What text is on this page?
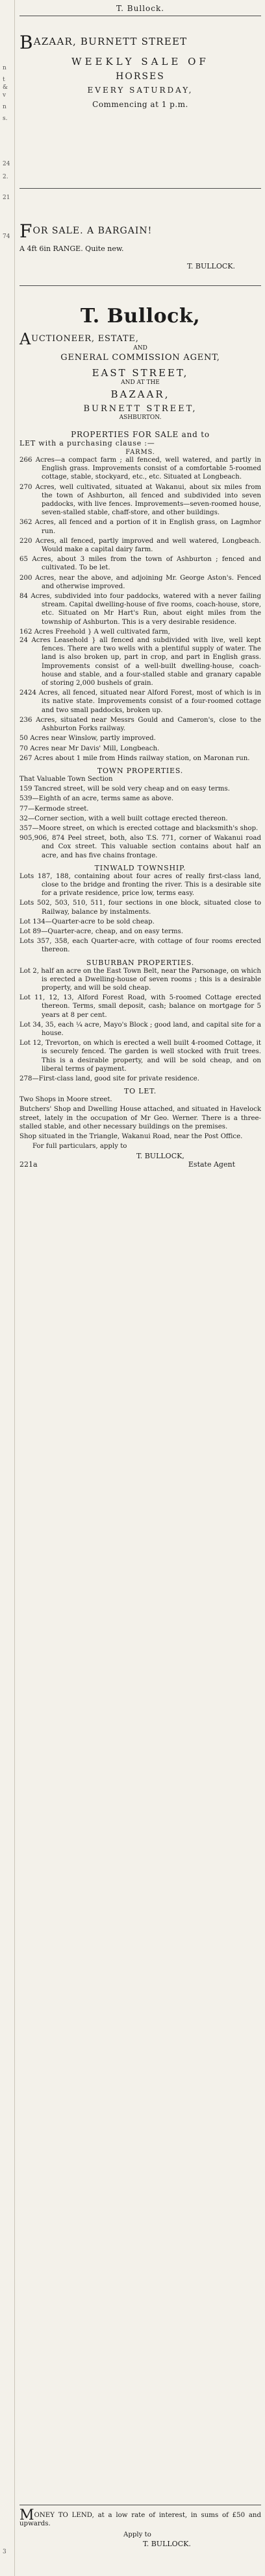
n
t
&
v
n
s.
24
2.
21
74
3
T. Bullock.
BAZAAR, BURNETT STREET
WEEKLY SALE OF
HORSES
EVERY SATURDAY,
Commencing at 1 p.m.
FOR SALE. A BARGAIN!
A 4ft 6in RANGE. Quite new.
T. BULLOCK.
T. Bullock,
AUCTIONEER, ESTATE,
AND
GENERAL COMMISSION AGENT,
EAST STREET,
AND AT THE
BAZAAR,
BURNETT STREET,
ASHBURTON.
PROPERTIES FOR SALE and to
LET with a purchasing clause :—
FARMS.

266 Acres—a compact farm ; all fenced, well watered, and partly in English grass. Improvements consist of a comfortable 5-roomed cottage, stable, stockyard, etc., etc. Situated at Longbeach.

270 Acres, well cultivated, situated at Wakanui, about six miles from the town of Ashburton, all fenced and subdivided into seven paddocks, with live fences. Improvements—seven-roomed house, seven-stalled stable, chaff-store, and other buildings.

362 Acres, all fenced and a portion of it in English grass, on Lagmhor run.

220 Acres, all fenced, partly improved and well watered, Longbeach. Would make a capital dairy farm.

65 Acres, about 3 miles from the town of Ashburton ; fenced and cultivated. To be let.

200 Acres, near the above, and adjoining Mr. George Aston's. Fenced and otherwise improved.

84 Acres, subdivided into four paddocks, watered with a never failing stream. Capital dwelling-house of five rooms, coach-house, store, etc. Situated on Mr Hart's Run, about eight miles from the township of Ashburton. This is a very desirable residence.

162 Acres Freehold } A well cultivated farm,

24 Acres Leasehold } all fenced and subdivided with live, well kept fences. There are two wells with a plentiful supply of water. The land is also broken up, part in crop, and part in English grass. Improvements consist of a well-built dwelling-house, coach-house and stable, and a four-stalled stable and granary capable of storing 2,000 bushels of grain.

2424 Acres, all fenced, situated near Alford Forest, most of which is in its native state. Improvements consist of a four-roomed cottage and two small paddocks, broken up.

236 Acres, situated near Messrs Gould and Cameron's, close to the Ashburton Forks railway.

50 Acres near Winslow, partly improved.

70 Acres near Mr Davis' Mill, Longbeach.

267 Acres about 1 mile from Hinds railway station, on Maronan run.

TOWN PROPERTIES.

That Valuable Town Section

159 Tancred street, will be sold very cheap and on easy terms.

539—Eighth of an acre, terms same as above.

77—Kermode street.

32—Corner section, with a well built cottage erected thereon.

357—Moore street, on which is erected cottage and blacksmith's shop.

905,906, 874 Peel street, both, also T.S. 771, corner of Wakanui road and Cox street. This valuable section contains about half an acre, and has five chains frontage.

TINWALD TOWNSHIP.

Lots 187, 188, containing about four acres of really first-class land, close to the bridge and fronting the river. This is a desirable site for a private residence, price low, terms easy.

Lots 502, 503, 510, 511, four sections in one block, situated close to Railway, balance by instalments.

Lot 134—Quarter-acre to be sold cheap.

Lot 89—Quarter-acre, cheap, and on easy terms.

Lots 357, 358, each Quarter-acre, with cottage of four rooms erected thereon.

SUBURBAN PROPERTIES.

Lot 2, half an acre on the East Town Belt, near the Parsonage, on which is erected a Dwelling-house of seven rooms ; this is a desirable property, and will be sold cheap.

Lot 11, 12, 13, Alford Forest Road, with 5-roomed Cottage erected thereon. Terms, small deposit, cash; balance on mortgage for 5 years at 8 per cent.

Lot 34, 35, each ¼ acre, Mayo's Block ; good land, and capital site for a house.

Lot 12, Trevorton, on which is erected a well built 4-roomed Cottage, it is securely fenced. The garden is well stocked with fruit trees. This is a desirable property, and will be sold cheap, and on liberal terms of payment.

278—First-class land, good site for private residence.

TO LET.

Two Shops in Moore street.

Butchers' Shop and Dwelling House attached, and situated in Havelock street, lately in the occupation of Mr Geo. Werner. There is a three-stalled stable, and other necessary buildings on the premises.

Shop situated in the Triangle, Wakanui Road, near the Post Office.

For full particulars, apply to

T. BULLOCK,
221a	Estate Agent
MONEY TO LEND, at a low rate of interest, in sums of £50 and upwards.
Apply to
T. BULLOCK.
